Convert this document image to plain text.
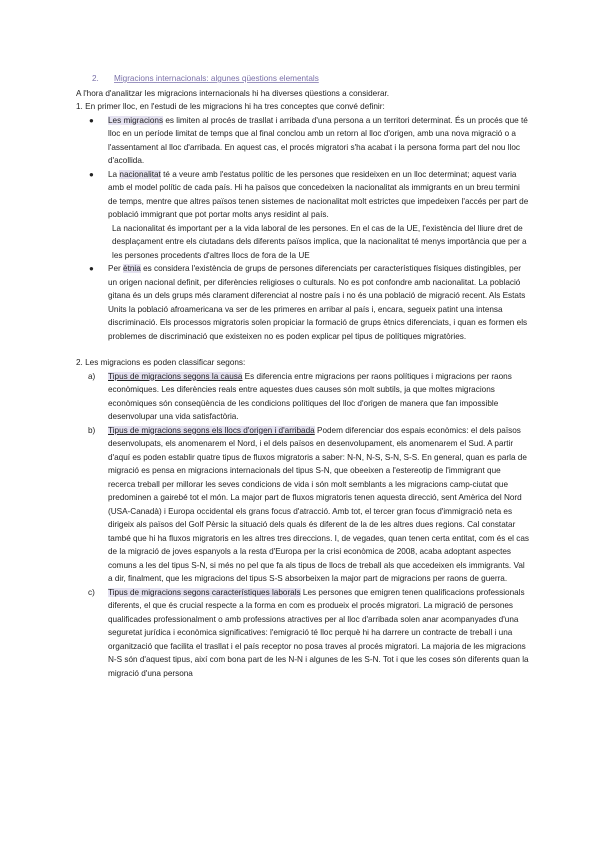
2. Migracions internacionals: algunes qüestions elementals

A l'hora d'analitzar les migracions internacionals hi ha diverses qüestions a considerar.

1. En primer lloc, en l'estudi de les migracions hi ha tres conceptes que convé definir:

● Les migracions es limiten al procés de trasllat i arribada d'una persona a un territori determinat. És un procés que té lloc en un període limitat de temps que al final conclou amb un retorn al lloc d'origen, amb una nova migració o a l'assentament al lloc d'arribada. En aquest cas, el procés migratori s'ha acabat i la persona forma part del nou lloc d'acollida.
● La nacionalitat té a veure amb l'estatus polític de les persones que resideixen en un lloc determinat; aquest varia amb el model polític de cada país. Hi ha països que concedeixen la nacionalitat als immigrants en un breu termini de temps, mentre que altres països tenen sistemes de nacionalitat molt estrictes que impedeixen l'accés per part de població immigrant que pot portar molts anys residint al país.

La nacionalitat és important per a la vida laboral de les persones. En el cas de la UE, l'existència del lliure dret de desplaçament entre els ciutadans dels diferents països implica, que la nacionalitat té menys importància que per a les persones procedents d'altres llocs de fora de la UE

● Per ètnia es considera l'existència de grups de persones diferenciats per característiques físiques distingibles, per un origen nacional definit, per diferències religioses o culturals. No es pot confondre amb nacionalitat. La població gitana és un dels grups més clarament diferenciat al nostre país i no és una població de migració recent. Als Estats Units la població afroamericana va ser de les primeres en arribar al país i, encara, segueix patint una intensa discriminació. Els processos migratoris solen propiciar la formació de grups ètnics diferenciats, i quan es formen els problemes de discriminació que existeixen no es poden explicar pel tipus de polítiques migratòries.

2. Les migracions es poden classificar segons:

a) Tipus de migracions segons la causa Es diferencia entre migracions per raons polítiques i migracions per raons econòmiques. Les diferències reals entre aquestes dues causes són molt subtils, ja que moltes migracions econòmiques són conseqüència de les condicions polítiques del lloc d'origen de manera que fan impossible desenvolupar una vida satisfactòria.
b) Tipus de migracions segons els llocs d'origen i d'arribada Podem diferenciar dos espais econòmics: el dels països desenvolupats, els anomenarem el Nord, i el dels països en desenvolupament, els anomenarem el Sud. A partir d'aquí es poden establir quatre tipus de fluxos migratoris a saber: N-N, N-S, S-N, S-S. En general, quan es parla de migració es pensa en migracions internacionals del tipus S-N, que obeeixen a l'estereotip de l'immigrant que recerca treball per millorar les seves condicions de vida i són molt semblants a les migracions camp-ciutat que predominen a gairebé tot el món. La major part de fluxos migratoris tenen aquesta direcció, sent Amèrica del Nord (USA-Canadà) i Europa occidental els grans focus d'atracció. Amb tot, el tercer gran focus d'immigració neta es dirigeix als països del Golf Pèrsic la situació dels quals és diferent de la de les altres dues regions. Cal constatar també que hi ha fluxos migratoris en les altres tres direccions. I, de vegades, quan tenen certa entitat, com és el cas de la migració de joves espanyols a la resta d'Europa per la crisi econòmica de 2008, acaba adoptant aspectes comuns a les del tipus S-N, si més no pel que fa als tipus de llocs de treball als que accedeixen els immigrants. Val a dir, finalment, que les migracions del tipus S-S absorbeixen la major part de migracions per raons de guerra.
c) Tipus de migracions segons característiques laborals Les persones que emigren tenen qualificacions professionals diferents, el que és crucial respecte a la forma en com es produeix el procés migratori. La migració de persones qualificades professionalment o amb professions atractives per al lloc d'arribada solen anar acompanyades d'una seguretat jurídica i econòmica significatives: l'emigració té lloc perquè hi ha darrere un contracte de treball i una organització que facilita el trasllat i el país receptor no posa traves al procés migratori. La majoria de les migracions N-S són d'aquest tipus, així com bona part de les N-N i algunes de les S-N. Tot i que les coses són diferents quan la migració d'una persona
